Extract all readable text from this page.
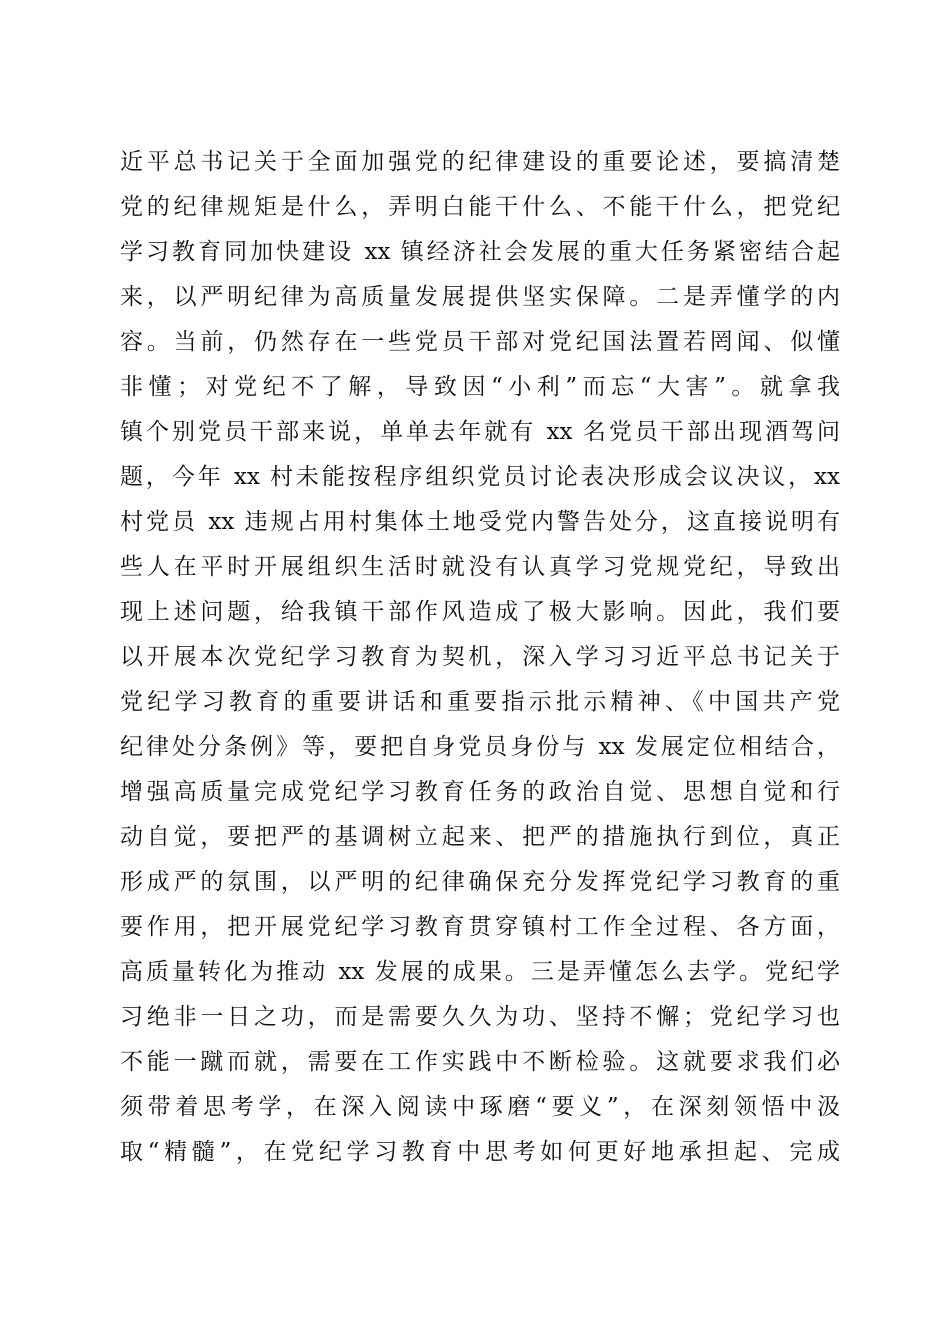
近平总书记关于全面加强党的纪律建设的重要论述，要搞清楚
党的纪律规矩是什么，弄明白能干什么、不能干什么，把党纪
学习教育同加快建设 xx 镇经济社会发展的重大任务紧密结合起
来，以严明纪律为高质量发展提供坚实保障。二是弄懂学的内
容。当前，仍然存在一些党员干部对党纪国法置若罔闻、似懂
非懂；对党纪不了解，导致因“小利”而忘“大害”。就拿我
镇个别党员干部来说，单单去年就有 xx 名党员干部出现酒驾问
题，今年 xx 村未能按程序组织党员讨论表决形成会议决议，xx
村党员 xx 违规占用村集体土地受党内警告处分，这直接说明有
些人在平时开展组织生活时就没有认真学习党规党纪，导致出
现上述问题，给我镇干部作风造成了极大影响。因此，我们要
以开展本次党纪学习教育为契机，深入学习习近平总书记关于
党纪学习教育的重要讲话和重要指示批示精神、《中国共产党
纪律处分条例》等，要把自身党员身份与 xx 发展定位相结合，
增强高质量完成党纪学习教育任务的政治自觉、思想自觉和行
动自觉，要把严的基调树立起来、把严的措施执行到位，真正
形成严的氛围，以严明的纪律确保充分发挥党纪学习教育的重
要作用，把开展党纪学习教育贯穿镇村工作全过程、各方面，
高质量转化为推动 xx 发展的成果。三是弄懂怎么去学。党纪学
习绝非一日之功，而是需要久久为功、坚持不懈；党纪学习也
不能一蹴而就，需要在工作实践中不断检验。这就要求我们必
须带着思考学，在深入阅读中琢磨“要义”，在深刻领悟中汲
取“精髓”，在党纪学习教育中思考如何更好地承担起、完成
